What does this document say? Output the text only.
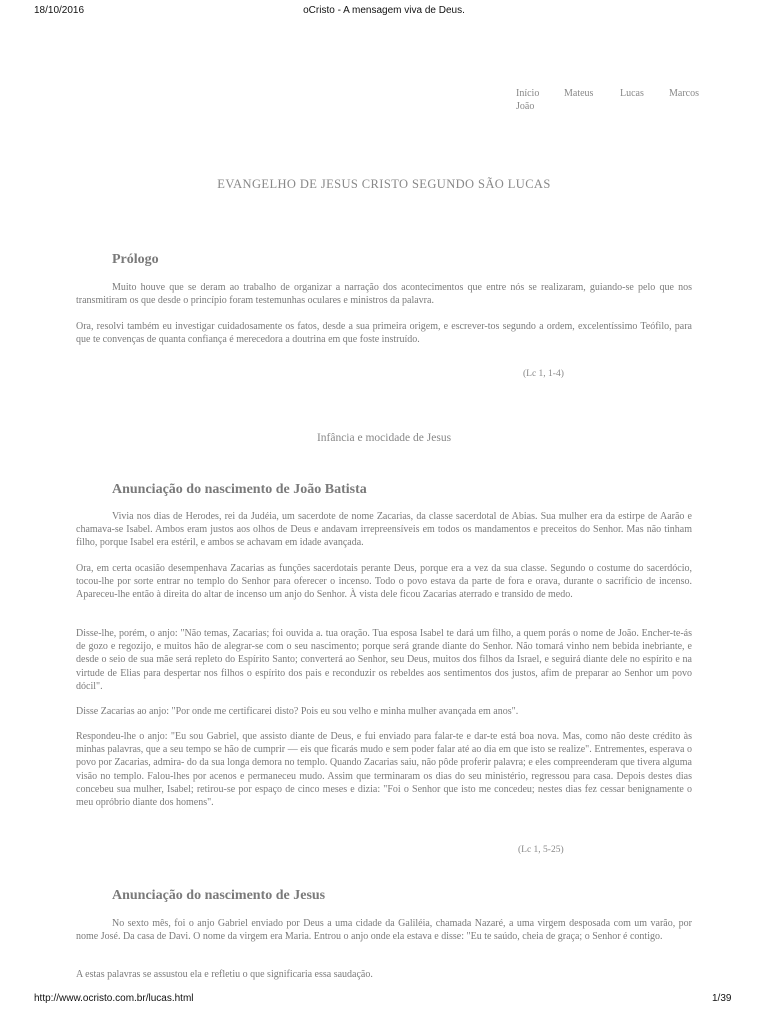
18/10/2016	oCristo - A mensagem viva de Deus.
Início Mateus	Lucas	Marcos
João
EVANGELHO DE JESUS CRISTO SEGUNDO SÃO LUCAS
Prólogo

Muito houve que se deram ao trabalho de organizar a narração dos acontecimentos que entre nós se realizaram, guiando-se pelo que nos transmitiram os que desde o princípio foram testemunhas oculares e ministros da palavra.

Ora, resolvi também eu investigar cuidadosamente os fatos, desde a sua primeira origem, e escrever-tos segundo a ordem, excelentíssimo Teófilo, para que te convenças de quanta confiança é merecedora a doutrina em que foste instruído.

(Lc 1, 1-4)
Infância e mocidade de Jesus
Anunciação do nascimento de João Batista

Vivia nos dias de Herodes, rei da Judéia, um sacerdote de nome Zacarias, da classe sacerdotal de Abias. Sua mulher era da estirpe de Aarão e chamava-se Isabel. Ambos eram justos aos olhos de Deus e andavam irrepreensíveis em todos os mandamentos e preceitos do Senhor. Mas não tinham filho, porque Isabel era estéril, e ambos se achavam em idade avançada.

Ora, em certa ocasião desempenhava Zacarias as funções sacerdotais perante Deus, porque era a vez da sua classe. Segundo o costume do sacerdócio, tocou-lhe por sorte entrar no templo do Senhor para oferecer o incenso. Todo o povo estava da parte de fora e orava, durante o sacrifício de incenso. Apareceu-lhe então à direita do altar de incenso um anjo do Senhor. À vista dele ficou Zacarias aterrado e transido de medo.

Disse-lhe, porém, o anjo: "Não temas, Zacarias; foi ouvida a. tua oração. Tua esposa Isabel te dará um filho, a quem porás o nome de João. Encher-te-ás de gozo e regozijo, e muitos hão de alegrar-se com o seu nascimento; porque será grande diante do Senhor. Não tomará vinho nem bebida inebriante, e desde o seio de sua mãe será repleto do Espírito Santo; converterá ao Senhor, seu Deus, muitos dos filhos da Israel, e seguirá diante dele no espírito e na virtude de Elias para despertar nos filhos o espírito dos pais e reconduzir os rebeldes aos sentimentos dos justos, afim de preparar ao Senhor um povo dócil".

Disse Zacarias ao anjo: "Por onde me certificarei disto? Pois eu sou velho e minha mulher avançada em anos".

Respondeu-lhe o anjo: "Eu sou Gabriel, que assisto diante de Deus, e fui enviado para falar-te e dar-te está boa nova. Mas, como não deste crédito às minhas palavras, que a seu tempo se hão de cumprir — eis que ficarás mudo e sem poder falar até ao dia em que isto se realize". Entrementes, esperava o povo por Zacarias, admira- do da sua longa demora no templo. Quando Zacarias saiu, não pôde proferir palavra; e eles compreenderam que tivera alguma visão no templo. Falou-lhes por acenos e permaneceu mudo. Assim que terminaram os dias do seu ministério, regressou para casa. Depois destes dias concebeu sua mulher, Isabel; retirou-se por espaço de cinco meses e dizia: "Foi o Senhor que isto me concedeu; nestes dias fez cessar benignamente o meu opróbrio diante dos homens".

(Lc 1, 5-25)
Anunciação do nascimento de Jesus

No sexto mês, foi o anjo Gabriel enviado por Deus a uma cidade da Galiléia, chamada Nazaré, a uma virgem desposada com um varão, por nome José. Da casa de Davi. O nome da virgem era Maria. Entrou o anjo onde ela estava e disse: "Eu te saúdo, cheia de graça; o Senhor é contigo.

A estas palavras se assustou ela e refletiu o que significaria essa saudação.

http://www.ocristo.com.br/lucas.html	1/39
